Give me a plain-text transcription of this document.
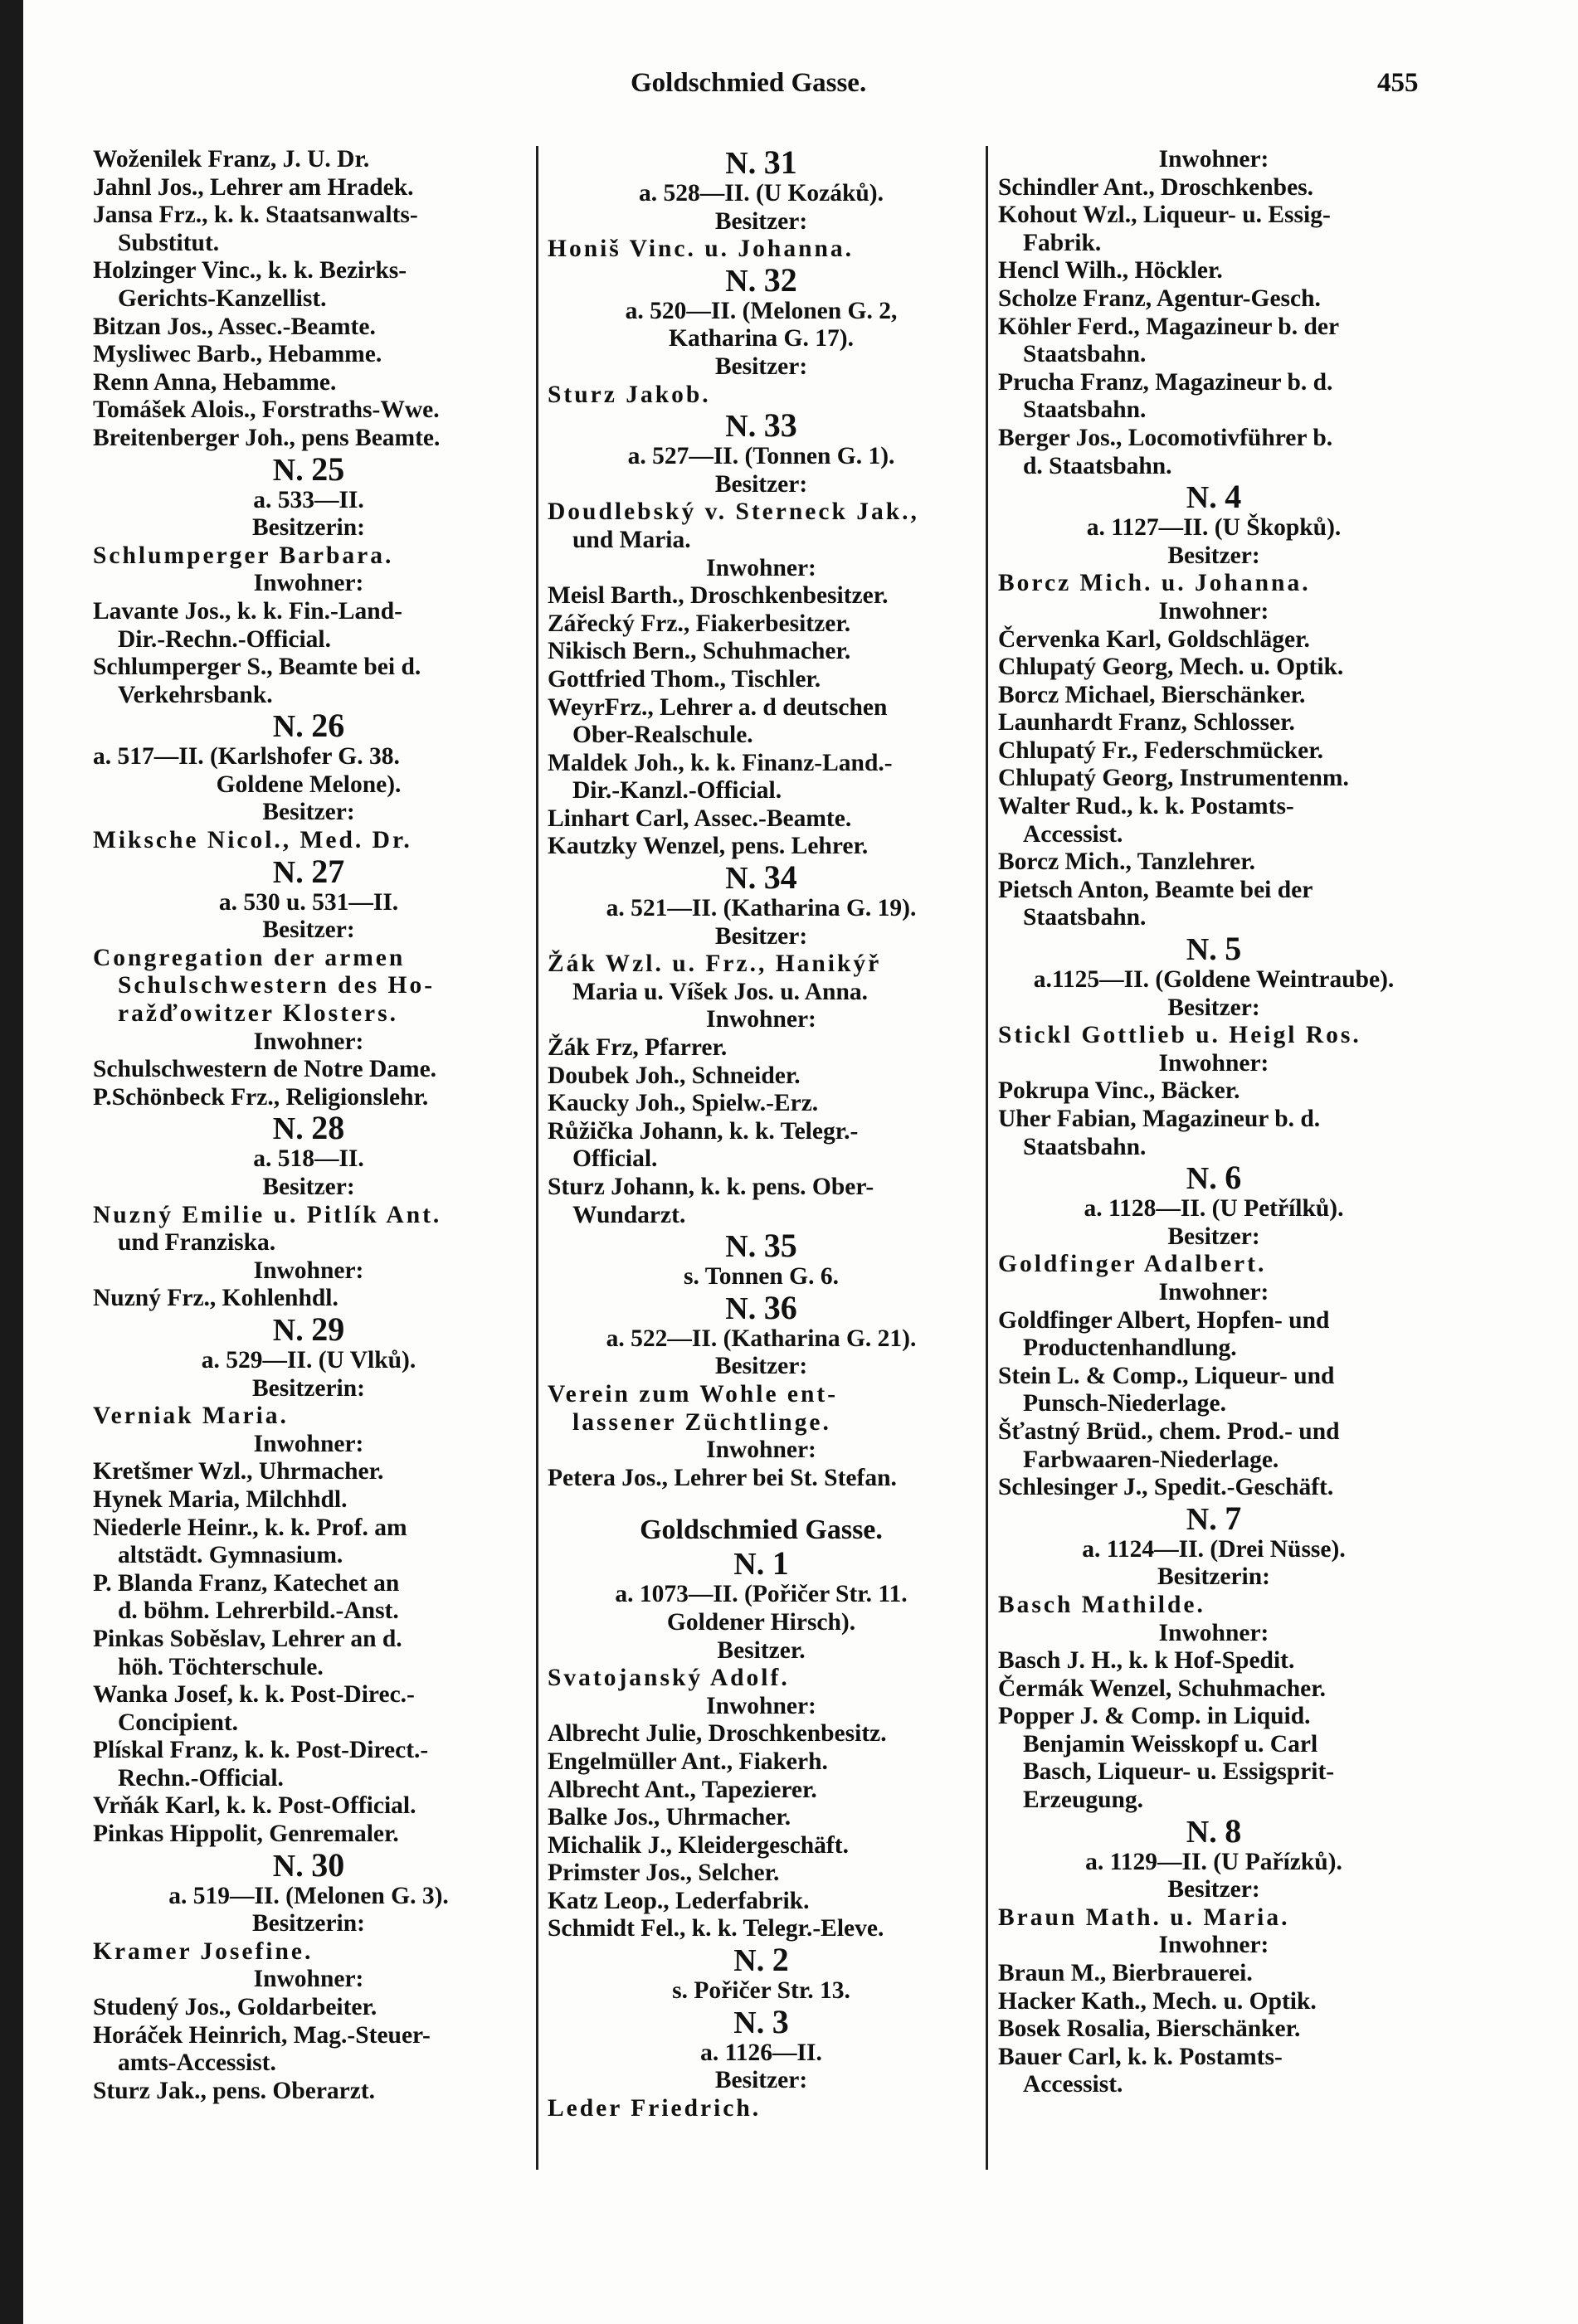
Goldschmied Gasse.	455
Woženilek Franz, J. U. Dr.
Jahnl Jos., Lehrer am Hradek.
Jansa Frz., k. k. Staatsanwalts-
Substitut.
Holzinger Vinc., k. k. Bezirks-
Gerichts-Kanzellist.
Bitzan Jos., Assec.-Beamte.
Mysliwec Barb., Hebamme.
Renn Anna, Hebamme.
Tomášek Alois., Forstraths-Wwe.
Breitenberger Joh., pens Beamte.
N. 25
a. 533—II.
Besitzerin:
Schlumperger Barbara.
Inwohner:
Lavante Jos., k. k. Fin.-Land-
Dir.-Rechn.-Official.
Schlumperger S., Beamte bei d.
Verkehrsbank.
N. 26
a. 517—II. (Karlshofer G. 38.
Goldene Melone).
Besitzer:
Miksche Nicol., Med. Dr.
N. 27
a. 530 u. 531—II.
Besitzer:
Congregation der armen
Schulschwestern des Ho-
ražďowitzer Klosters.
Inwohner:
Schulschwestern de Notre Dame.
P.Schönbeck Frz., Religionslehr.
N. 28
a. 518—II.
Besitzer:
Nuzný Emilie u. Pitlík Ant.
und Franziska.
Inwohner:
Nuzný Frz., Kohlenhdl.
N. 29
a. 529—II. (U Vlků).
Besitzerin:
Verniak Maria.
Inwohner:
Kretšmer Wzl., Uhrmacher.
Hynek Maria, Milchhdl.
Niederle Heinr., k. k. Prof. am
altstädt. Gymnasium.
P. Blanda Franz, Katechet an
d. böhm. Lehrerbild.-Anst.
Pinkas Soběslav, Lehrer an d.
höh. Töchterschule.
Wanka Josef, k. k. Post-Direc.-
Concipient.
Plískal Franz, k. k. Post-Direct.-
Rechn.-Official.
Vrňák Karl, k. k. Post-Official.
Pinkas Hippolit, Genremaler.
N. 30
a. 519—II. (Melonen G. 3).
Besitzerin:
Kramer Josefine.
Inwohner:
Studený Jos., Goldarbeiter.
Horáček Heinrich, Mag.-Steuer-
amts-Accessist.
Sturz Jak., pens. Oberarzt.
N. 31
a. 528—II. (U Kozáků).
Besitzer:
Honiš Vinc. u. Johanna.
N. 32
a. 520—II. (Melonen G. 2,
Katharina G. 17).
Besitzer:
Sturz Jakob.
N. 33
a. 527—II. (Tonnen G. 1).
Besitzer:
Doudlebský v. Sterneck Jak.,
und Maria.
Inwohner:
Meisl Barth., Droschkenbesitzer.
Zářecký Frz., Fiakerbesitzer.
Nikisch Bern., Schuhmacher.
Gottfried Thom., Tischler.
WeyrFrz., Lehrer a. d deutschen
Ober-Realschule.
Maldek Joh., k. k. Finanz-Land.-
Dir.-Kanzl.-Official.
Linhart Carl, Assec.-Beamte.
Kautzky Wenzel, pens. Lehrer.
N. 34
a. 521—II. (Katharina G. 19).
Besitzer:
Žák Wzl. u. Frz., Hanikýř
Maria u. Víšek Jos. u. Anna.
Inwohner:
Žák Frz, Pfarrer.
Doubek Joh., Schneider.
Kaucky Joh., Spielw.-Erz.
Růžička Johann, k. k. Telegr.-
Official.
Sturz Johann, k. k. pens. Ober-
Wundarzt.
N. 35
s. Tonnen G. 6.
N. 36
a. 522—II. (Katharina G. 21).
Besitzer:
Verein zum Wohle ent-
lassener Züchtlinge.
Inwohner:
Petera Jos., Lehrer bei St. Stefan.
Goldschmied Gasse.
N. 1
a. 1073—II. (Pořičer Str. 11.
Goldener Hirsch).
Besitzer.
Svatojanský Adolf.
Inwohner:
Albrecht Julie, Droschkenbesitz.
Engelmüller Ant., Fiakerh.
Albrecht Ant., Tapezierer.
Balke Jos., Uhrmacher.
Michalik J., Kleidergeschäft.
Primster Jos., Selcher.
Katz Leop., Lederfabrik.
Schmidt Fel., k. k. Telegr.-Eleve.
N. 2
s. Pořičer Str. 13.
N. 3
a. 1126—II.
Besitzer:
Leder Friedrich.
Inwohner:
Schindler Ant., Droschkenbes.
Kohout Wzl., Liqueur- u. Essig-
Fabrik.
Hencl Wilh., Höckler.
Scholze Franz, Agentur-Gesch.
Köhler Ferd., Magazineur b. der
Staatsbahn.
Prucha Franz, Magazineur b. d.
Staatsbahn.
Berger Jos., Locomotivführer b.
d. Staatsbahn.
N. 4
a. 1127—II. (U Škopků).
Besitzer:
Borcz Mich. u. Johanna.
Inwohner:
Červenka Karl, Goldschläger.
Chlupatý Georg, Mech. u. Optik.
Borcz Michael, Bierschänker.
Launhardt Franz, Schlosser.
Chlupatý Fr., Federschmücker.
Chlupatý Georg, Instrumentenm.
Walter Rud., k. k. Postamts-
Accessist.
Borcz Mich., Tanzlehrer.
Pietsch Anton, Beamte bei der
Staatsbahn.
N. 5
a.1125—II. (Goldene Weintraube).
Besitzer:
Stickl Gottlieb u. Heigl Ros.
Inwohner:
Pokrupa Vinc., Bäcker.
Uher Fabian, Magazineur b. d.
Staatsbahn.
N. 6
a. 1128—II. (U Petřílků).
Besitzer:
Goldfinger Adalbert.
Inwohner:
Goldfinger Albert, Hopfen- und
Productenhandlung.
Stein L. & Comp., Liqueur- und
Punsch-Niederlage.
Šťastný Brüd., chem. Prod.- und
Farbwaaren-Niederlage.
Schlesinger J., Spedit.-Geschäft.
N. 7
a. 1124—II. (Drei Nüsse).
Besitzerin:
Basch Mathilde.
Inwohner:
Basch J. H., k. k Hof-Spedit.
Čermák Wenzel, Schuhmacher.
Popper J. & Comp. in Liquid.
Benjamin Weisskopf u. Carl
Basch, Liqueur- u. Essigsprit-
Erzeugung.
N. 8
a. 1129—II. (U Pařízků).
Besitzer:
Braun Math. u. Maria.
Inwohner:
Braun M., Bierbrauerei.
Hacker Kath., Mech. u. Optik.
Bosek Rosalia, Bierschänker.
Bauer Carl, k. k. Postamts-
Accessist.
